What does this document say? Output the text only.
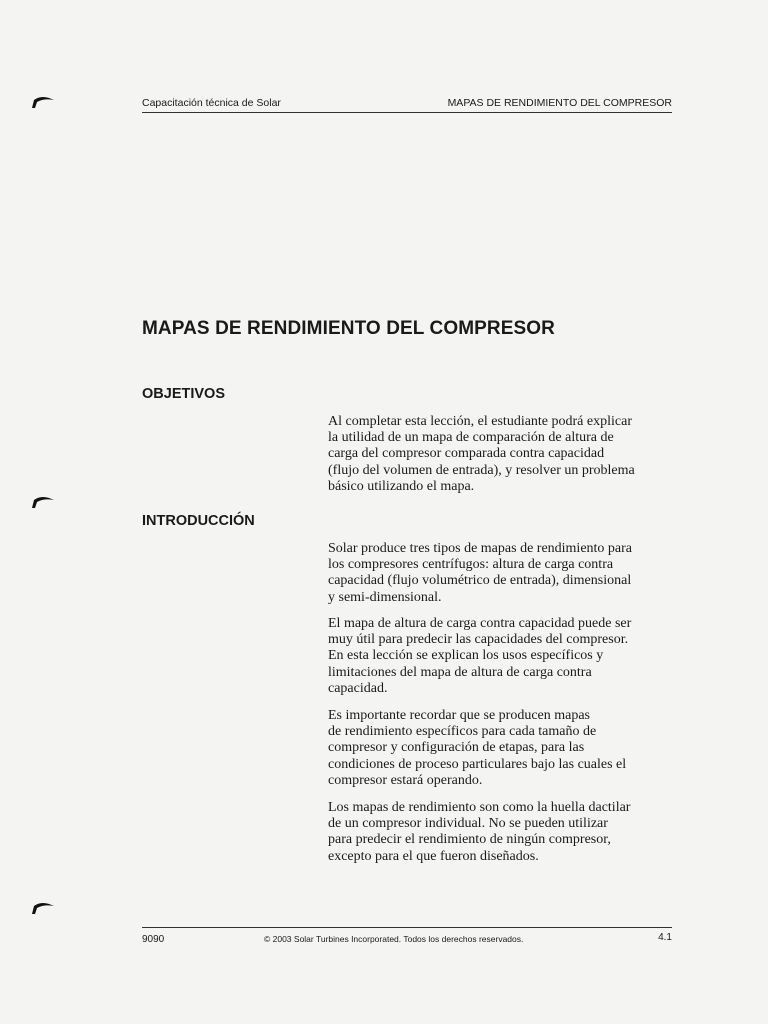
Capacitación técnica de Solar	MAPAS DE RENDIMIENTO DEL COMPRESOR
MAPAS DE RENDIMIENTO DEL COMPRESOR
OBJETIVOS

Al completar esta lección, el estudiante podrá explicar
la utilidad de un mapa de comparación de altura de
carga del compresor comparada contra capacidad
(flujo del volumen de entrada), y resolver un problema
básico utilizando el mapa.

INTRODUCCIÓN

Solar produce tres tipos de mapas de rendimiento para
los compresores centrífugos: altura de carga contra
capacidad (flujo volumétrico de entrada), dimensional
y semi-dimensional.

El mapa de altura de carga contra capacidad puede ser
muy útil para predecir las capacidades del compresor.
En esta lección se explican los usos específicos y
limitaciones del mapa de altura de carga contra
capacidad.

Es importante recordar que se producen mapas
de rendimiento específicos para cada tamaño de
compresor y configuración de etapas, para las
condiciones de proceso particulares bajo las cuales el
compresor estará operando.

Los mapas de rendimiento son como la huella dactilar
de un compresor individual. No se pueden utilizar
para predecir el rendimiento de ningún compresor,
excepto para el que fueron diseñados.

9090	© 2003 Solar Turbines Incorporated. Todos los derechos reservados.	4.1
